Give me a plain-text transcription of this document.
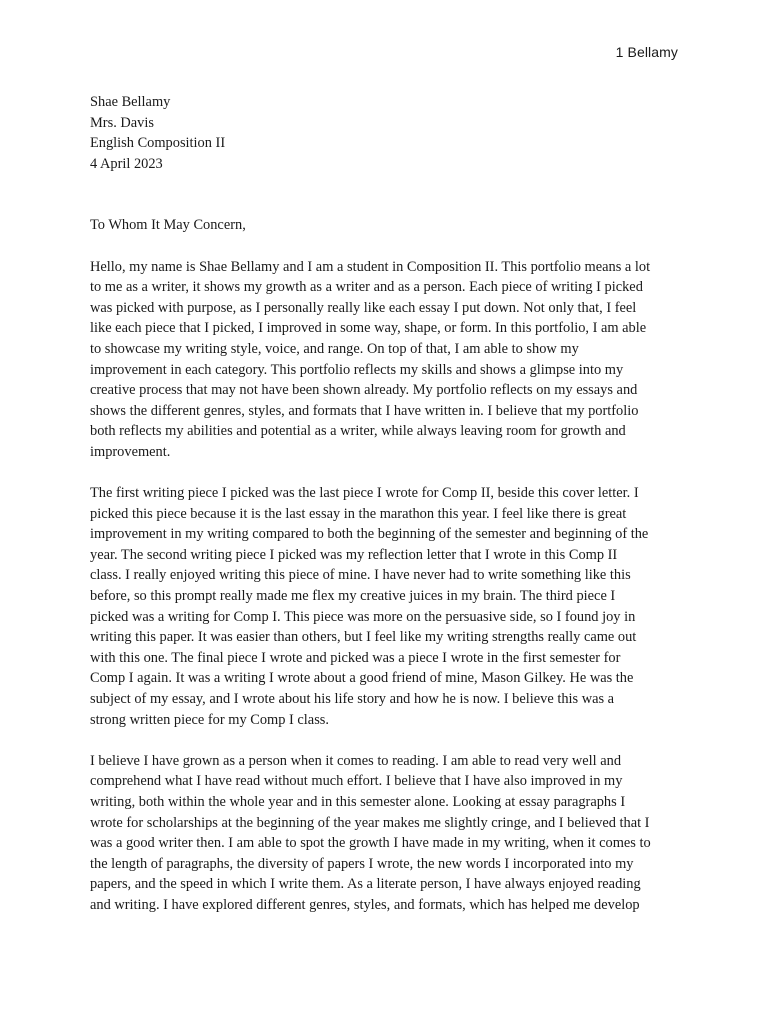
1 Bellamy
Shae Bellamy
Mrs. Davis
English Composition II
4 April 2023
To Whom It May Concern,
Hello, my name is Shae Bellamy and I am a student in Composition II. This portfolio means a lot
to me as a writer, it shows my growth as a writer and as a person. Each piece of writing I picked
was picked with purpose, as I personally really like each essay I put down. Not only that, I feel
like each piece that I picked, I improved in some way, shape, or form. In this portfolio, I am able
to showcase my writing style, voice, and range. On top of that, I am able to show my
improvement in each category. This portfolio reflects my skills and shows a glimpse into my
creative process that may not have been shown already. My portfolio reflects on my essays and
shows the different genres, styles, and formats that I have written in. I believe that my portfolio
both reflects my abilities and potential as a writer, while always leaving room for growth and
improvement.
The first writing piece I picked was the last piece I wrote for Comp II, beside this cover letter. I
picked this piece because it is the last essay in the marathon this year. I feel like there is great
improvement in my writing compared to both the beginning of the semester and beginning of the
year. The second writing piece I picked was my reflection letter that I wrote in this Comp II
class. I really enjoyed writing this piece of mine. I have never had to write something like this
before, so this prompt really made me flex my creative juices in my brain. The third piece I
picked was a writing for Comp I. This piece was more on the persuasive side, so I found joy in
writing this paper. It was easier than others, but I feel like my writing strengths really came out
with this one. The final piece I wrote and picked was a piece I wrote in the first semester for
Comp I again. It was a writing I wrote about a good friend of mine, Mason Gilkey. He was the
subject of my essay, and I wrote about his life story and how he is now. I believe this was a
strong written piece for my Comp I class.
I believe I have grown as a person when it comes to reading. I am able to read very well and
comprehend what I have read without much effort. I believe that I have also improved in my
writing, both within the whole year and in this semester alone. Looking at essay paragraphs I
wrote for scholarships at the beginning of the year makes me slightly cringe, and I believed that I
was a good writer then. I am able to spot the growth I have made in my writing, when it comes to
the length of paragraphs, the diversity of papers I wrote, the new words I incorporated into my
papers, and the speed in which I write them. As a literate person, I have always enjoyed reading
and writing. I have explored different genres, styles, and formats, which has helped me develop
